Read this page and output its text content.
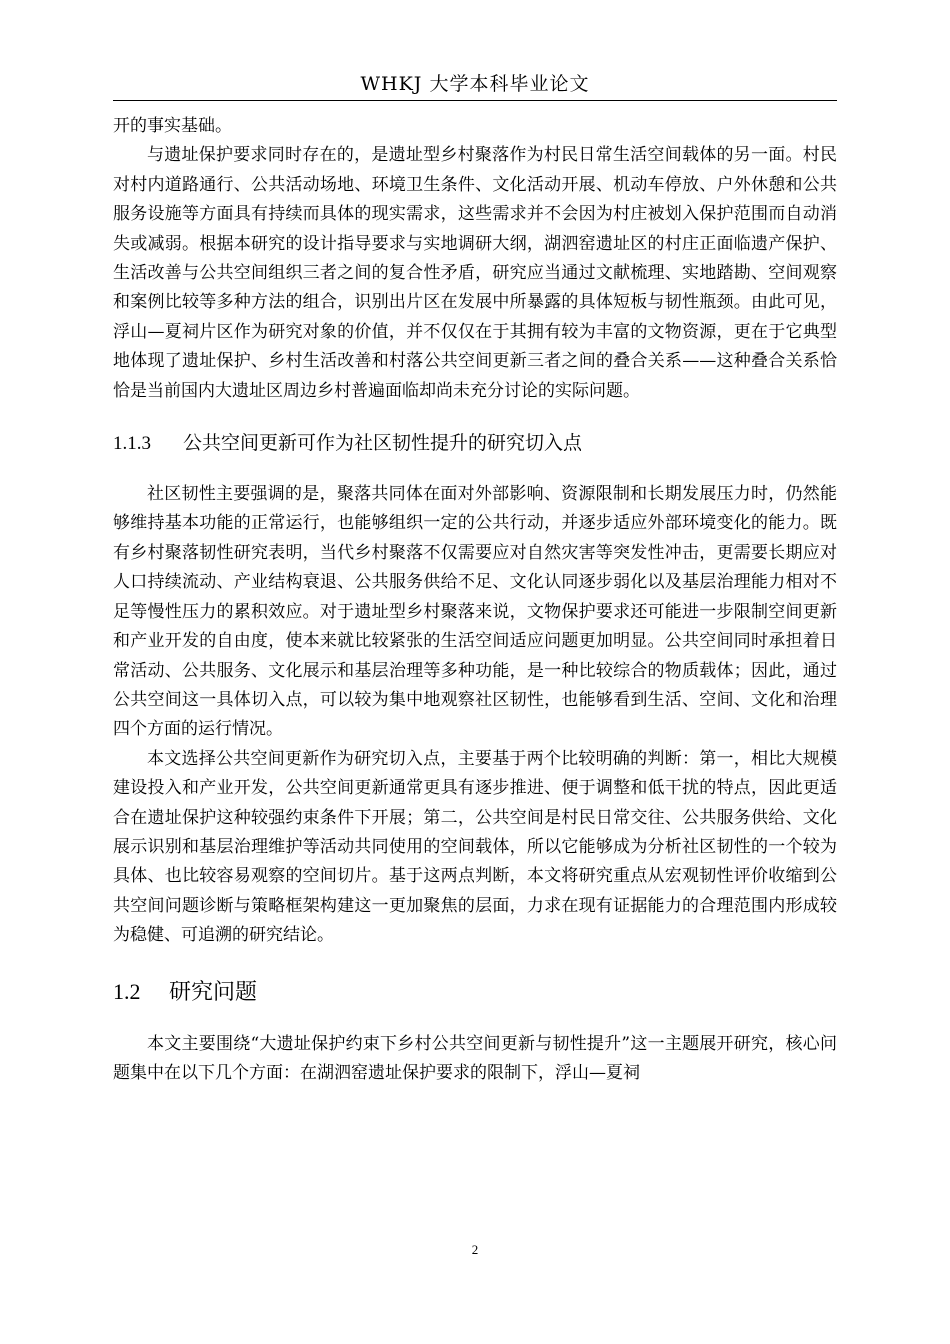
WHKJ 大学本科毕业论文

开的事实基础。

与遗址保护要求同时存在的，是遗址型乡村聚落作为村民日常生活空间载体的另一面。村民对村内道路通行、公共活动场地、环境卫生条件、文化活动开展、机动车停放、户外休憩和公共服务设施等方面具有持续而具体的现实需求，这些需求并不会因为村庄被划入保护范围而自动消失或减弱。根据本研究的设计指导要求与实地调研大纲，湖泗窑遗址区的村庄正面临遗产保护、生活改善与公共空间组织三者之间的复合性矛盾，研究应当通过文献梳理、实地踏勘、空间观察和案例比较等多种方法的组合，识别出片区在发展中所暴露的具体短板与韧性瓶颈。由此可见，浮山—夏祠片区作为研究对象的价值，并不仅仅在于其拥有较为丰富的文物资源，更在于它典型地体现了遗址保护、乡村生活改善和村落公共空间更新三者之间的叠合关系——这种叠合关系恰恰是当前国内大遗址区周边乡村普遍面临却尚未充分讨论的实际问题。

1.1.3 公共空间更新可作为社区韧性提升的研究切入点

社区韧性主要强调的是，聚落共同体在面对外部影响、资源限制和长期发展压力时，仍然能够维持基本功能的正常运行，也能够组织一定的公共行动，并逐步适应外部环境变化的能力。既有乡村聚落韧性研究表明，当代乡村聚落不仅需要应对自然灾害等突发性冲击，更需要长期应对人口持续流动、产业结构衰退、公共服务供给不足、文化认同逐步弱化以及基层治理能力相对不足等慢性压力的累积效应。对于遗址型乡村聚落来说，文物保护要求还可能进一步限制空间更新和产业开发的自由度，使本来就比较紧张的生活空间适应问题更加明显。公共空间同时承担着日常活动、公共服务、文化展示和基层治理等多种功能，是一种比较综合的物质载体；因此，通过公共空间这一具体切入点，可以较为集中地观察社区韧性，也能够看到生活、空间、文化和治理四个方面的运行情况。

本文选择公共空间更新作为研究切入点，主要基于两个比较明确的判断：第一，相比大规模建设投入和产业开发，公共空间更新通常更具有逐步推进、便于调整和低干扰的特点，因此更适合在遗址保护这种较强约束条件下开展；第二，公共空间是村民日常交往、公共服务供给、文化展示识别和基层治理维护等活动共同使用的空间载体，所以它能够成为分析社区韧性的一个较为具体、也比较容易观察的空间切片。基于这两点判断，本文将研究重点从宏观韧性评价收缩到公共空间问题诊断与策略框架构建这一更加聚焦的层面，力求在现有证据能力的合理范围内形成较为稳健、可追溯的研究结论。

1.2 研究问题

本文主要围绕“大遗址保护约束下乡村公共空间更新与韧性提升”这一主题展开研究，核心问题集中在以下几个方面：在湖泗窑遗址保护要求的限制下，浮山—夏祠

2
